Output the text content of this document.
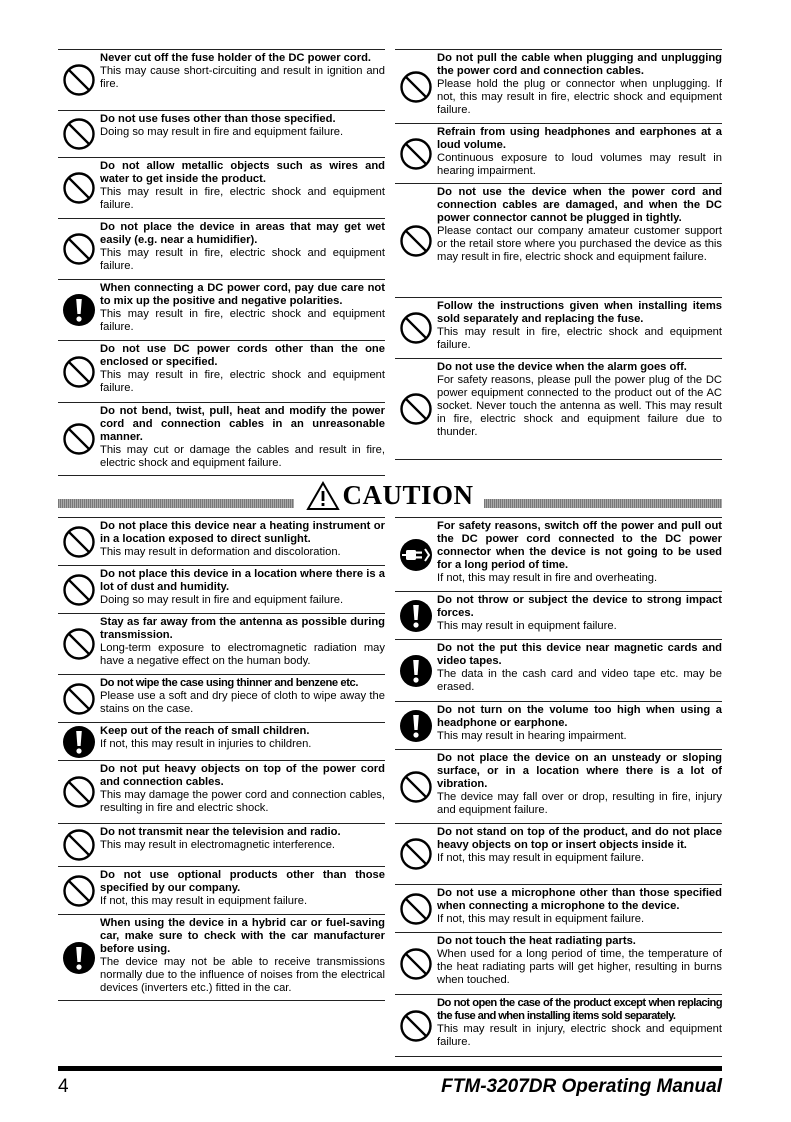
Never cut off the fuse holder of the DC power cord.
This may cause short-circuiting and result in ignition and fire.
Do not use fuses other than those specified.
Doing so may result in fire and equipment failure.
Do not allow metallic objects such as wires and water to get inside the product.
This may result in fire, electric shock and equipment failure.
Do not place the device in areas that may get wet easily (e.g. near a humidifier).
This may result in fire, electric shock and equipment failure.
When connecting a DC power cord, pay due care not to mix up the positive and negative polarities.
This may result in fire, electric shock and equipment failure.
Do not use DC power cords other than the one enclosed or specified.
This may result in fire, electric shock and equipment failure.
Do not bend, twist, pull, heat and modify the power cord and connection cables in an unreasonable manner.
This may cut or damage the cables and result in fire, electric shock and equipment failure.
Do not pull the cable when plugging and unplugging the power cord and connection cables.
Please hold the plug or connector when unplugging. If not, this may result in fire, electric shock and equipment failure.
Refrain from using headphones and earphones at a loud volume.
Continuous exposure to loud volumes may result in hearing impairment.
Do not use the device when the power cord and connection cables are damaged, and when the DC power connector cannot be plugged in tightly.
Please contact our company amateur customer support or the retail store where you purchased the device as this may result in fire, electric shock and equipment failure.
Follow the instructions given when installing items sold separately and replacing the fuse.
This may result in fire, electric shock and equipment failure.
Do not use the device when the alarm goes off.
For safety reasons, please pull the power plug of the DC power equipment connected to the product out of the AC socket. Never touch the antenna as well. This may result in fire, electric shock and equipment failure due to thunder.
CAUTION
Do not place this device near a heating instrument or in a location exposed to direct sunlight.
This may result in deformation and discoloration.
Do not place this device in a location where there is a lot of dust and humidity.
Doing so may result in fire and equipment failure.
Stay as far away from the antenna as possible during transmission.
Long-term exposure to electromagnetic radiation may have a negative effect on the human body.
Do not wipe the case using thinner and benzene etc.
Please use a soft and dry piece of cloth to wipe away the stains on the case.
Keep out of the reach of small children.
If not, this may result in injuries to children.
Do not put heavy objects on top of the power cord and connection cables.
This may damage the power cord and connection cables, resulting in fire and electric shock.
Do not transmit near the television and radio.
This may result in electromagnetic interference.
Do not use optional products other than those specified by our company.
If not, this may result in equipment failure.
When using the device in a hybrid car or fuel-saving car, make sure to check with the car manufacturer before using.
The device may not be able to receive transmissions normally due to the influence of noises from the electrical devices (inverters etc.) fitted in the car.
For safety reasons, switch off the power and pull out the DC power cord connected to the DC power connector when the device is not going to be used for a long period of time.
If not, this may result in fire and overheating.
Do not throw or subject the device to strong impact forces.
This may result in equipment failure.
Do not the put this device near magnetic cards and video tapes.
The data in the cash card and video tape etc. may be erased.
Do not turn on the volume too high when using a headphone or earphone.
This may result in hearing impairment.
Do not place the device on an unsteady or sloping surface, or in a location where there is a lot of vibration.
The device may fall over or drop, resulting in fire, injury and equipment failure.
Do not stand on top of the product, and do not place heavy objects on top or insert objects inside it.
If not, this may result in equipment failure.
Do not use a microphone other than those specified when connecting a microphone to the device.
If not, this may result in equipment failure.
Do not touch the heat radiating parts.
When used for a long period of time, the temperature of the heat radiating parts will get higher, resulting in burns when touched.
Do not open the case of the product except when replacing the fuse and when installing items sold separately.
This may result in injury, electric shock and equipment failure.
4	FTM-3207DR Operating Manual
